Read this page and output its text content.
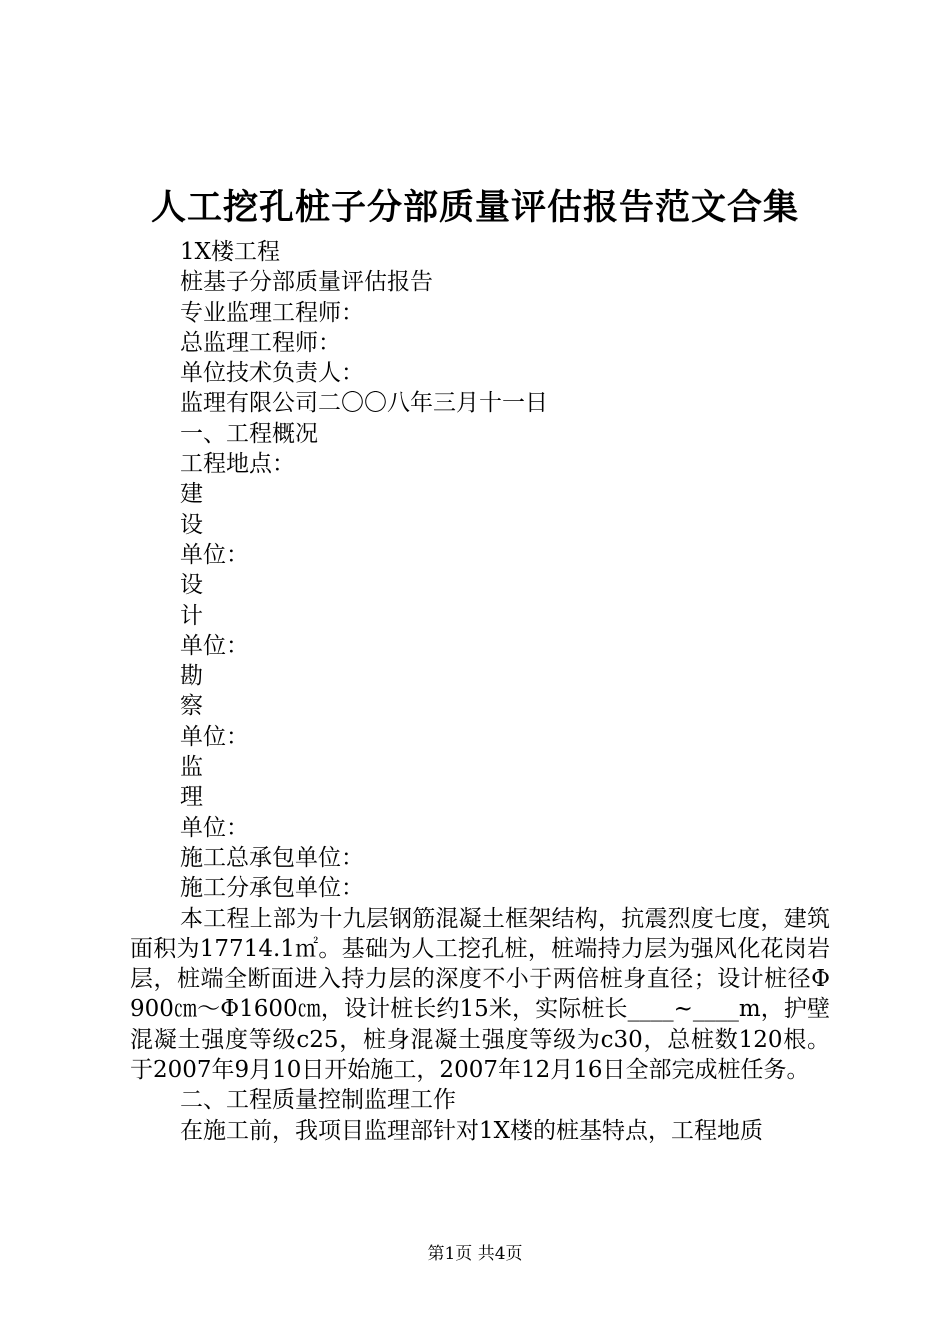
人工挖孔桩子分部质量评估报告范文合集
1X楼工程
桩基子分部质量评估报告
专业监理工程师：
总监理工程师：
单位技术负责人：
监理有限公司二〇〇八年三月十一日
一、工程概况
工程地点：
建
设
单位：
设
计
单位：
勘
察
单位：
监
理
单位：
施工总承包单位：
施工分承包单位：
本工程上部为十九层钢筋混凝土框架结构，抗震烈度七度，建筑面积为17714.1㎡。基础为人工挖孔桩，桩端持力层为强风化花岗岩层，桩端全断面进入持力层的深度不小于两倍桩身直径；设计桩径Φ900㎝～Φ1600㎝，设计桩长约15米，实际桩长____~____m，护壁混凝土强度等级c25，桩身混凝土强度等级为c30，总桩数120根。于2007年9月10日开始施工，2007年12月16日全部完成桩任务。
二、工程质量控制监理工作
在施工前，我项目监理部针对1X楼的桩基特点，工程地质
第1页 共4页
